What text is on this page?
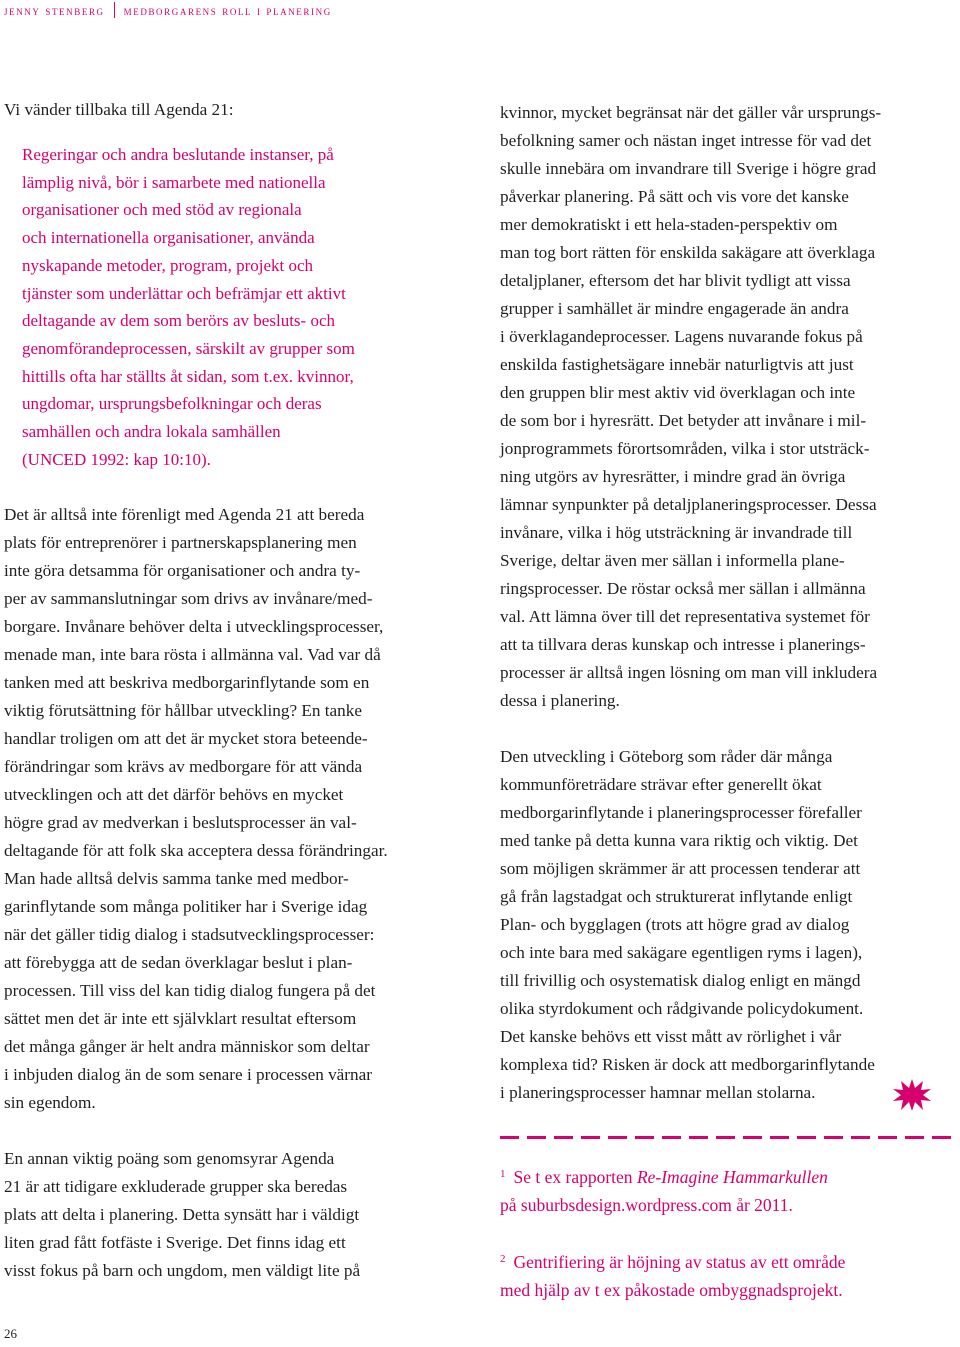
jenny stenberg medborgarens roll i planering

Vi vänder tillbaka till Agenda 21:

Regeringar och andra beslutande instanser, på
lämplig nivå, bör i samarbete med nationella
organisationer och med stöd av regionala
och internationella organisationer, använda
nyskapande metoder, program, projekt och
tjänster som underlättar och befrämjar ett aktivt
deltagande av dem som berörs av besluts- och
genomförandeprocessen, särskilt av grupper som
hittills ofta har ställts åt sidan, som t.ex. kvinnor,
ungdomar, ursprungsbefolkningar och deras
samhällen och andra lokala samhällen
(UNCED 1992: kap 10:10).
Det är alltså inte förenligt med Agenda 21 att bereda
plats för entreprenörer i partnerskapsplanering men
inte göra detsamma för organisationer och andra ty-
per av sammanslutningar som drivs av invånare/med-
borgare. Invånare behöver delta i utvecklingsprocesser,
menade man, inte bara rösta i allmänna val. Vad var då
tanken med att beskriva medborgarinflytande som en
viktig förutsättning för hållbar utveckling? En tanke
handlar troligen om att det är mycket stora beteende-
förändringar som krävs av medborgare för att vända
utvecklingen och att det därför behövs en mycket
högre grad av medverkan i beslutsprocesser än val-
deltagande för att folk ska acceptera dessa förändringar.
Man hade alltså delvis samma tanke med medbor-
garinflytande som många politiker har i Sverige idag
när det gäller tidig dialog i stadsutvecklingsprocesser:
att förebygga att de sedan överklagar beslut i plan-
processen. Till viss del kan tidig dialog fungera på det
sättet men det är inte ett självklart resultat eftersom
det många gånger är helt andra människor som deltar
i inbjuden dialog än de som senare i processen värnar
sin egendom.
En annan viktig poäng som genomsyrar Agenda
21 är att tidigare exkluderade grupper ska beredas
plats att delta i planering. Detta synsätt har i väldigt
liten grad fått fotfäste i Sverige. Det finns idag ett
visst fokus på barn och ungdom, men väldigt lite på
kvinnor, mycket begränsat när det gäller vår ursprungs-
befolkning samer och nästan inget intresse för vad det
skulle innebära om invandrare till Sverige i högre grad
påverkar planering. På sätt och vis vore det kanske
mer demokratiskt i ett hela-staden-perspektiv om
man tog bort rätten för enskilda sakägare att överklaga
detaljplaner, eftersom det har blivit tydligt att vissa
grupper i samhället är mindre engagerade än andra
i överklagandeprocesser. Lagens nuvarande fokus på
enskilda fastighetsägare innebär naturligtvis att just
den gruppen blir mest aktiv vid överklagan och inte
de som bor i hyresrätt. Det betyder att invånare i mil-
jonprogrammets förortsområden, vilka i stor utsträck-
ning utgörs av hyresrätter, i mindre grad än övriga
lämnar synpunkter på detaljplaneringsprocesser. Dessa
invånare, vilka i hög utsträckning är invandrade till
Sverige, deltar även mer sällan i informella plane-
ringsprocesser. De röstar också mer sällan i allmänna
val. Att lämna över till det representativa systemet för
att ta tillvara deras kunskap och intresse i planerings-
processer är alltså ingen lösning om man vill inkludera
dessa i planering.
Den utveckling i Göteborg som råder där många
kommunföreträdare strävar efter generellt ökat
medborgarinflytande i planeringsprocesser förefaller
med tanke på detta kunna vara riktig och viktig. Det
som möjligen skrämmer är att processen tenderar att
gå från lagstadgat och strukturerat inflytande enligt
Plan- och bygglagen (trots att högre grad av dialog
och inte bara med sakägare egentligen ryms i lagen),
till frivillig och osystematisk dialog enligt en mängd
olika styrdokument och rådgivande policydokument.
Det kanske behövs ett visst mått av rörlighet i vår
komplexa tid? Risken är dock att medborgarinflytande
i planeringsprocesser hamnar mellan stolarna.

$^1$ Se t ex rapporten Re-Imagine Hammarkullen
på suburbsdesign.wordpress.com år 2011.

$^2$ Gentrifiering är höjning av status av ett område
med hjälp av t ex påkostade ombyggnadsprojekt.

26
